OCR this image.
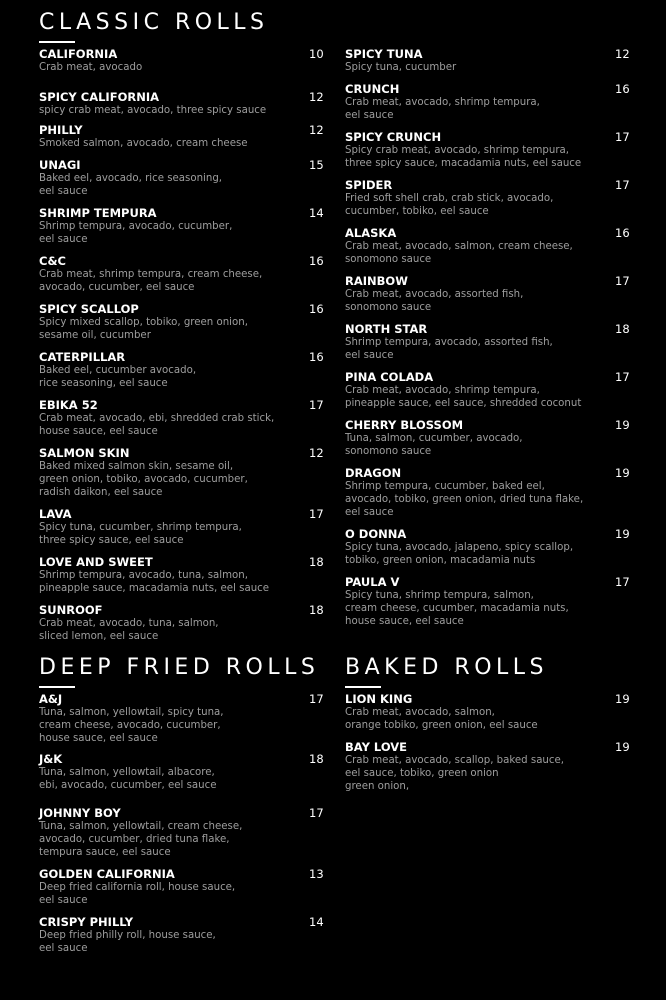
CLASSIC ROLLS
CALIFORNIA	10
Crab meat, avocado
SPICY CALIFORNIA	12
spicy crab meat, avocado, three spicy sauce
PHILLY	12
Smoked salmon, avocado, cream cheese
UNAGI	15
Baked eel, avocado, rice seasoning,
eel sauce
SHRIMP TEMPURA	14
Shrimp tempura, avocado, cucumber,
eel sauce
C&C	16
Crab meat, shrimp tempura, cream cheese,
avocado, cucumber, eel sauce
SPICY SCALLOP	16
Spicy mixed scallop, tobiko, green onion,
sesame oil, cucumber
CATERPILLAR	16
Baked eel, cucumber avocado,
rice seasoning, eel sauce
EBIKA 52	17
Crab meat, avocado, ebi, shredded crab stick,
house sauce, eel sauce
SALMON SKIN	12
Baked mixed salmon skin, sesame oil,
green onion, tobiko, avocado, cucumber,
radish daikon, eel sauce
LAVA	17
Spicy tuna, cucumber, shrimp tempura,
three spicy sauce, eel sauce
LOVE AND SWEET	18
Shrimp tempura, avocado, tuna, salmon,
pineapple sauce, macadamia nuts, eel sauce
SUNROOF	18
Crab meat, avocado, tuna, salmon,
sliced lemon, eel sauce
SPICY TUNA	12
Spicy tuna, cucumber
CRUNCH	16
Crab meat, avocado, shrimp tempura,
eel sauce
SPICY CRUNCH	17
Spicy crab meat, avocado, shrimp tempura,
three spicy sauce, macadamia nuts, eel sauce
SPIDER	17
Fried soft shell crab, crab stick, avocado,
cucumber, tobiko, eel sauce
ALASKA	16
Crab meat, avocado, salmon, cream cheese,
sonomono sauce
RAINBOW	17
Crab meat, avocado, assorted fish,
sonomono sauce
NORTH STAR	18
Shrimp tempura, avocado, assorted fish,
eel sauce
PINA COLADA	17
Crab meat, avocado, shrimp tempura,
pineapple sauce, eel sauce, shredded coconut
CHERRY BLOSSOM	19
Tuna, salmon, cucumber, avocado,
sonomono sauce
DRAGON	19
Shrimp tempura, cucumber, baked eel,
avocado, tobiko, green onion, dried tuna flake,
eel sauce
O DONNA	19
Spicy tuna, avocado, jalapeno, spicy scallop,
tobiko, green onion, macadamia nuts
PAULA V	17
Spicy tuna, shrimp tempura, salmon,
cream cheese, cucumber, macadamia nuts,
house sauce, eel sauce
DEEP FRIED ROLLS
A&J	17
Tuna, salmon, yellowtail, spicy tuna,
cream cheese, avocado, cucumber,
house sauce, eel sauce
J&K	18
Tuna, salmon, yellowtail, albacore,
ebi, avocado, cucumber, eel sauce
JOHNNY BOY	17
Tuna, salmon, yellowtail, cream cheese,
avocado, cucumber, dried tuna flake,
tempura sauce, eel sauce
GOLDEN CALIFORNIA	13
Deep fried california roll, house sauce,
eel sauce
CRISPY PHILLY	14
Deep fried philly roll, house sauce,
eel sauce
BAKED ROLLS
LION KING	19
Crab meat, avocado, salmon,
orange tobiko, green onion, eel sauce
BAY LOVE	19
Crab meat, avocado, scallop, baked sauce,
eel sauce, tobiko, green onion
green onion,
